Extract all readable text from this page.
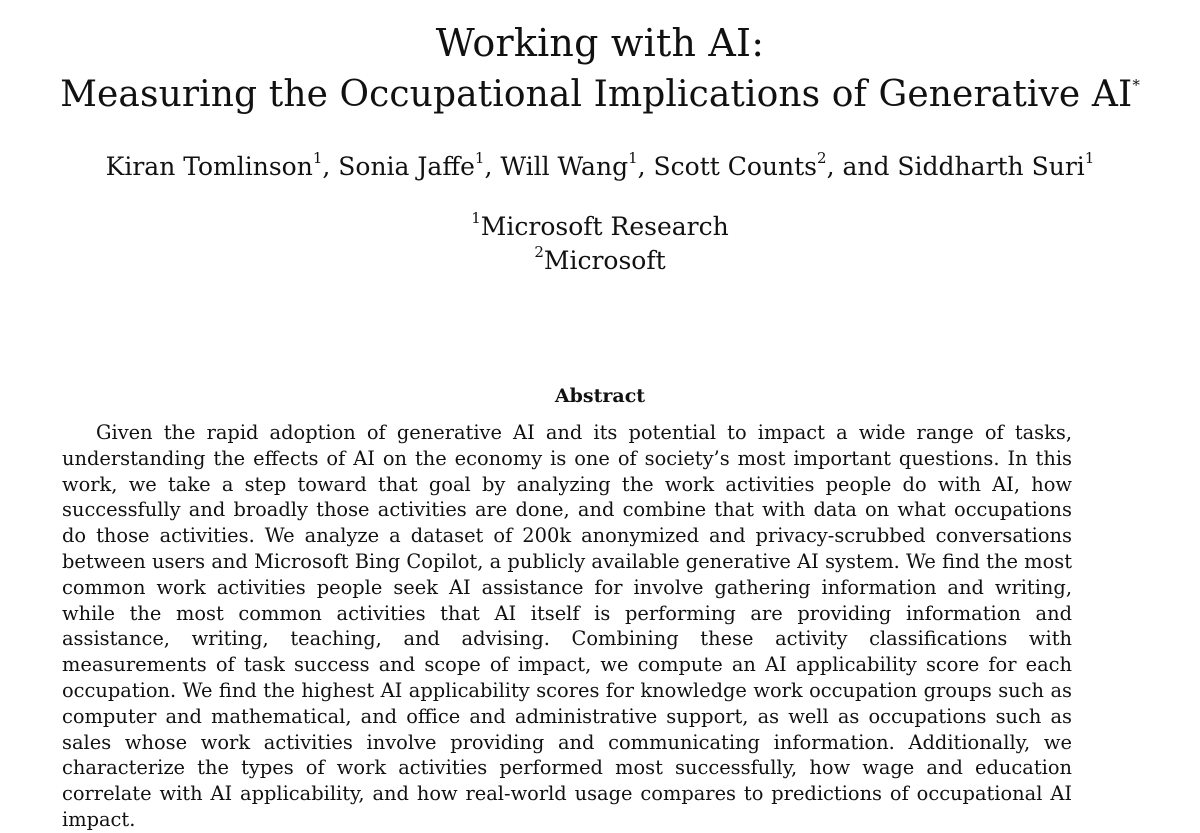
Working with AI:
Measuring the Occupational Implications of Generative AI*
Kiran Tomlinson$^1$, Sonia Jaffe$^1$, Will Wang$^1$, Scott Counts$^2$, and Siddharth Suri$^1$
$^1$Microsoft Research
$^2$Microsoft
Abstract

Given the rapid adoption of generative AI and its potential to impact a wide range of tasks, understanding the effects of AI on the economy is one of society’s most important questions. In this work, we take a step toward that goal by analyzing the work activities people do with AI, how successfully and broadly those activities are done, and combine that with data on what occupations do those activities. We analyze a dataset of 200k anonymized and privacy-scrubbed conversations between users and Microsoft Bing Copilot, a publicly available generative AI system. We find the most common work activities people seek AI assistance for involve gathering information and writing, while the most common activities that AI itself is performing are providing information and assistance, writing, teaching, and advising. Combining these activity classifications with measurements of task success and scope of impact, we compute an AI applicability score for each occupation. We find the highest AI applicability scores for knowledge work occupation groups such as computer and mathematical, and office and administrative support, as well as occupations such as sales whose work activities involve providing and communicating information. Additionally, we characterize the types of work activities performed most successfully, how wage and education correlate with AI applicability, and how real-world usage compares to predictions of occupational AI impact.
